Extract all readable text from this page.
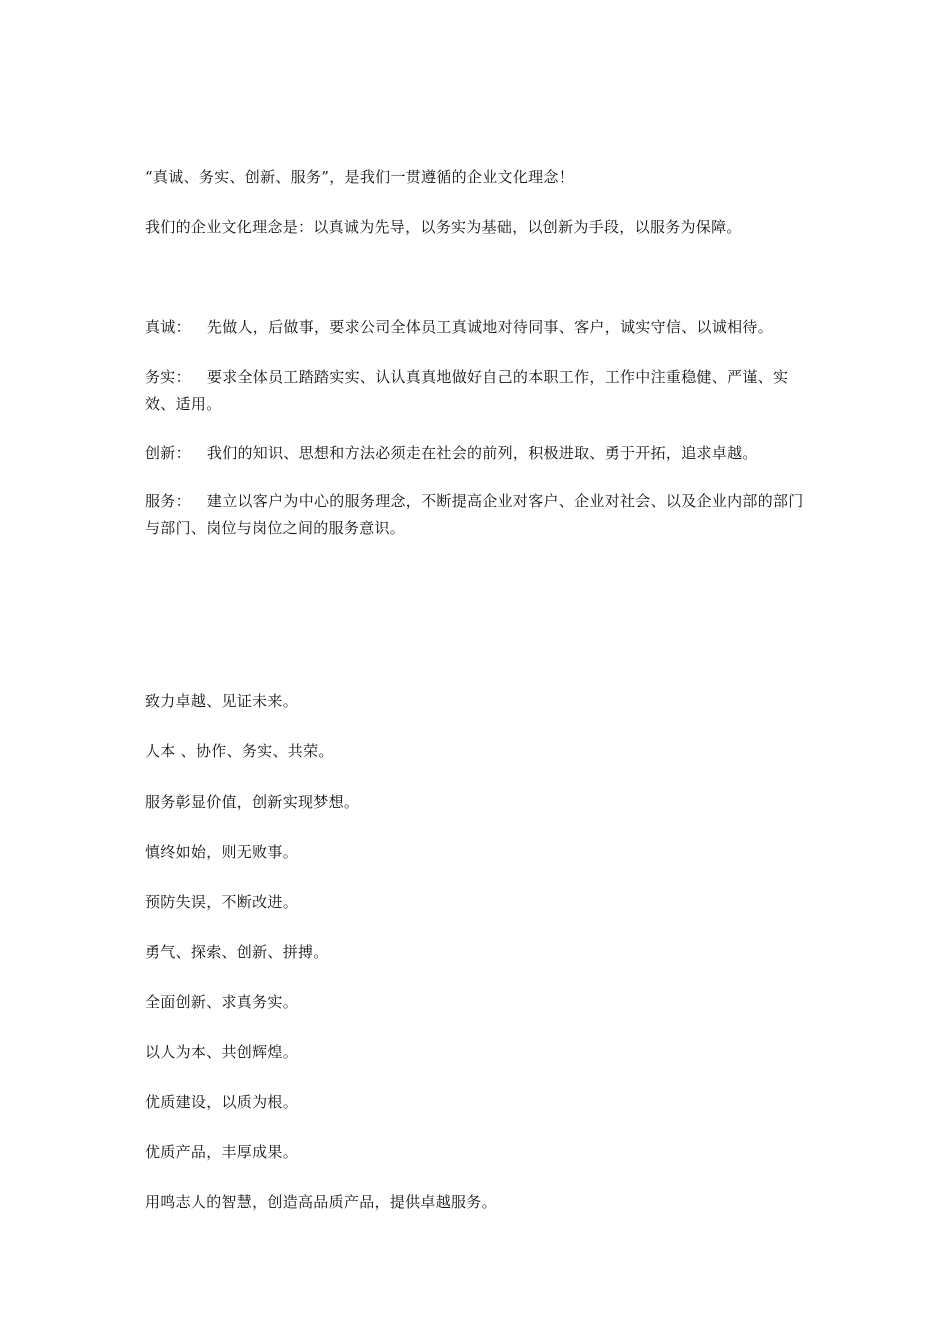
“真诚、务实、创新、服务”，是我们一贯遵循的企业文化理念！

我们的企业文化理念是：以真诚为先导，以务实为基础，以创新为手段，以服务为保障。

真诚： 先做人，后做事，要求公司全体员工真诚地对待同事、客户，诚实守信、以诚相待。

务实： 要求全体员工踏踏实实、认认真真地做好自己的本职工作，工作中注重稳健、严谨、实效、适用。

创新： 我们的知识、思想和方法必须走在社会的前列，积极进取、勇于开拓，追求卓越。

服务： 建立以客户为中心的服务理念，不断提高企业对客户、企业对社会、以及企业内部的部门与部门、岗位与岗位之间的服务意识。

致力卓越、见证未来。

人本 、协作、务实、共荣。

服务彰显价值，创新实现梦想。

慎终如始，则无败事。

预防失误，不断改进。

勇气、探索、创新、拼搏。

全面创新、求真务实。

以人为本、共创辉煌。

优质建设，以质为根。

优质产品，丰厚成果。

用鸣志人的智慧，创造高品质产品，提供卓越服务。
